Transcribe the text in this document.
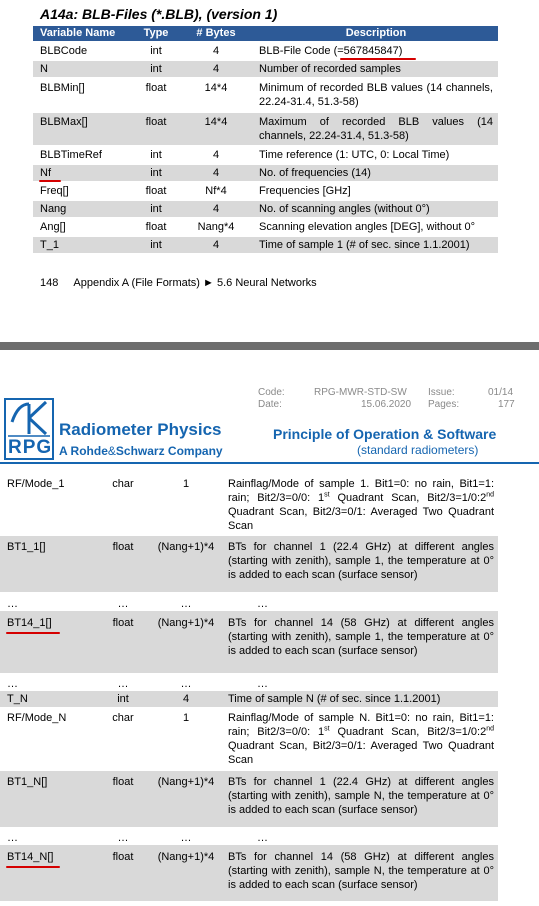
A14a: BLB-Files (*.BLB), (version 1)
Variable Name	Type	# Bytes	Description
BLBCode	int	4	BLB-File Code (=567845847)
N	int	4	Number of recorded samples
BLBMin[]	float	14*4	Minimum of recorded BLB values (14 channels, 22.24-31.4, 51.3-58)
BLBMax[]	float	14*4	Maximum of recorded BLB values (14 channels, 22.24-31.4, 51.3-58)
BLBTimeRef	int	4	Time reference (1: UTC, 0: Local Time)
Nf	int	4	No. of frequencies (14)
Freq[]	float	Nf*4	Frequencies [GHz]
Nang	int	4	No. of scanning angles (without 0°)
Ang[]	float	Nang*4	Scanning elevation angles [DEG], without 0°
T_1	int	4	Time of sample 1 (# of sec. since 1.1.2001)
148 Appendix A (File Formats) ► 5.6 Neural Networks
Code:	RPG-MWR-STD-SW
Date:	15.06.2020
Issue:	01/14
Pages:	177
RPG
Radiometer Physics
A Rohde&Schwarz Company
Principle of Operation & Software
(standard radiometers)
RF/Mode_1	char	1	Rainflag/Mode of sample 1. Bit1=0: no rain, Bit1=1: rain; Bit2/3=0/0: 1st Quadrant Scan, Bit2/3=1/0:2nd Quadrant Scan, Bit2/3=0/1: Averaged Two Quadrant Scan
BT1_1[]	float	(Nang+1)*4	BTs for channel 1 (22.4 GHz) at different angles (starting with zenith), sample 1, the temperature at 0° is added to each scan (surface sensor)
…	…	…	…
BT14_1[]	float	(Nang+1)*4	BTs for channel 14 (58 GHz) at different angles (starting with zenith), sample 1, the temperature at 0° is added to each scan (surface sensor)
…	…	…	…
T_N	int	4	Time of sample N (# of sec. since 1.1.2001)
RF/Mode_N	char	1	Rainflag/Mode of sample N. Bit1=0: no rain, Bit1=1: rain; Bit2/3=0/0: 1st Quadrant Scan, Bit2/3=1/0:2nd Quadrant Scan, Bit2/3=0/1: Averaged Two Quadrant Scan
BT1_N[]	float	(Nang+1)*4	BTs for channel 1 (22.4 GHz) at different angles (starting with zenith), sample N, the temperature at 0° is added to each scan (surface sensor)
…	…	…	…
BT14_N[]	float	(Nang+1)*4	BTs for channel 14 (58 GHz) at different angles (starting with zenith), sample N, the temperature at 0° is added to each scan (surface sensor)
